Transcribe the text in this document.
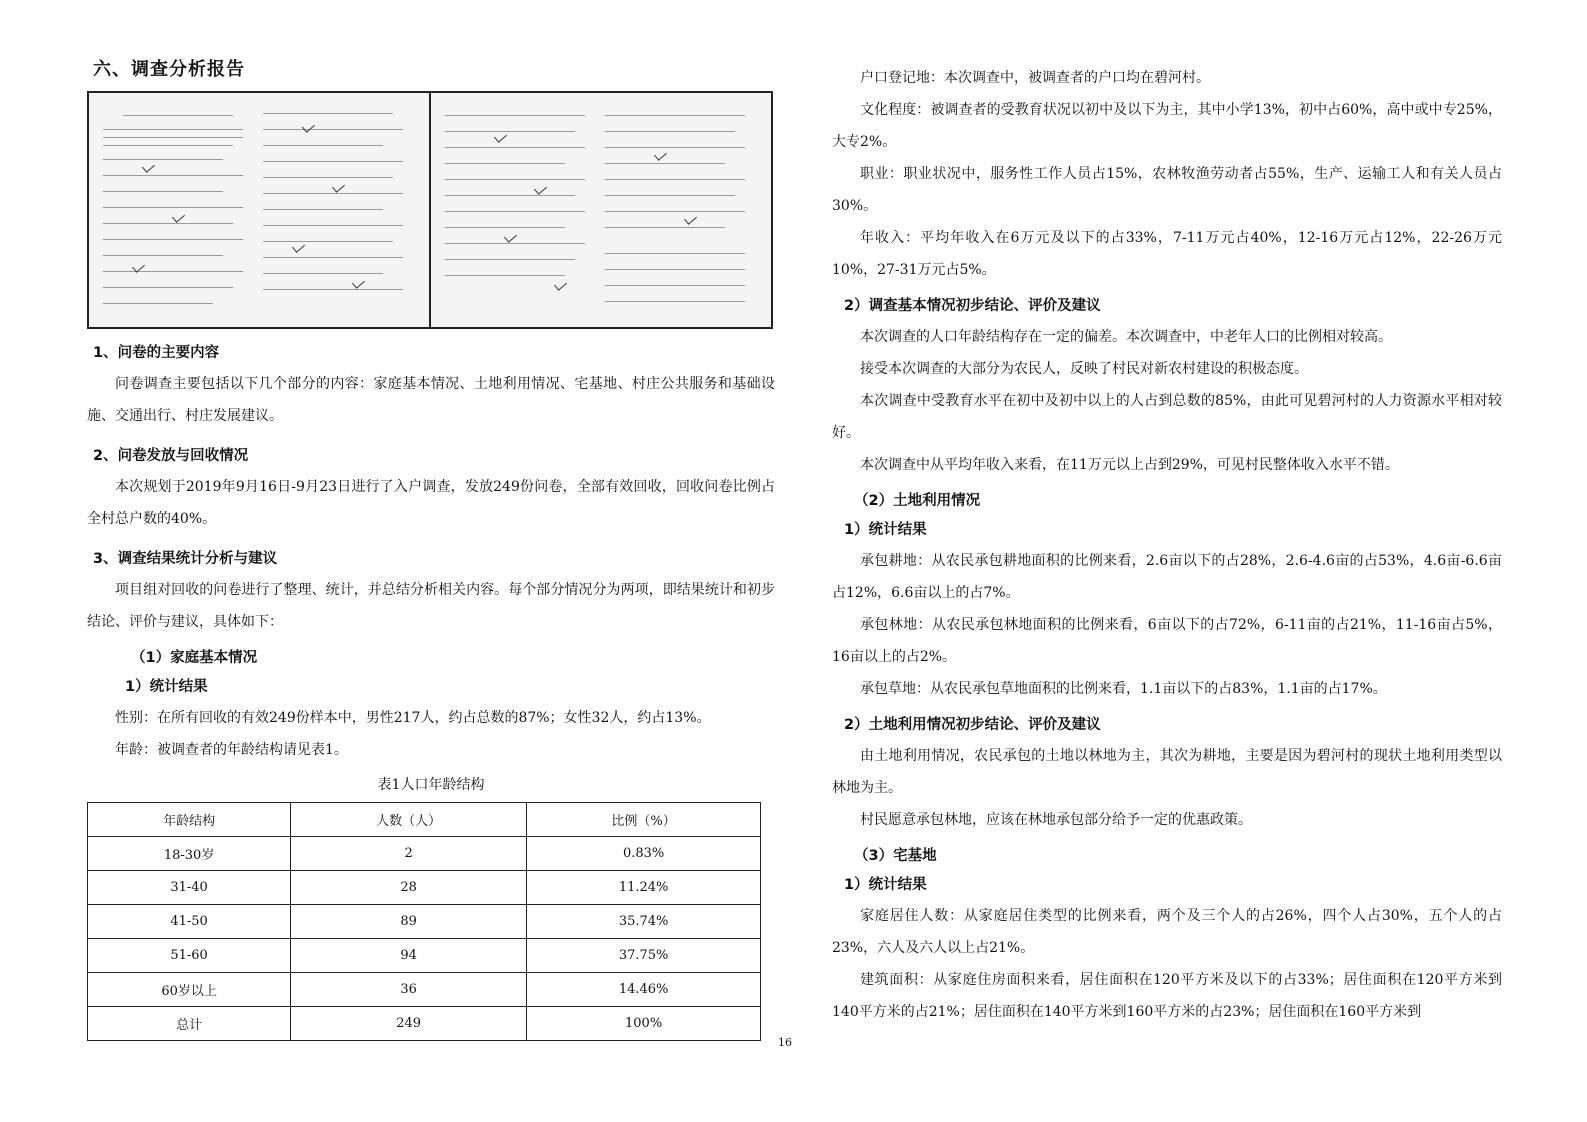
六、调查分析报告
1、问卷的主要内容

问卷调查主要包括以下几个部分的内容：家庭基本情况、土地利用情况、宅基地、村庄公共服务和基础设施、交通出行、村庄发展建议。

2、问卷发放与回收情况

本次规划于2019年9月16日-9月23日进行了入户调查，发放249份问卷，全部有效回收，回收问卷比例占全村总户数的40%。

3、调查结果统计分析与建议

项目组对回收的问卷进行了整理、统计，并总结分析相关内容。每个部分情况分为两项，即结果统计和初步结论、评价与建议，具体如下：

（1）家庭基本情况
1）统计结果

性别：在所有回收的有效249份样本中，男性217人，约占总数的87%；女性32人，约占13%。

年龄：被调查者的年龄结构请见表1。

表1人口年龄结构
年龄结构	人数（人）	比例（%）
18-30岁	2	0.83%
31-40	28	11.24%
41-50	89	35.74%
51-60	94	37.75%
60岁以上	36	14.46%
总计	249	100%

户口登记地：本次调查中，被调查者的户口均在碧河村。

文化程度：被调查者的受教育状况以初中及以下为主，其中小学13%，初中占60%，高中或中专25%，大专2%。

职业：职业状况中，服务性工作人员占15%，农林牧渔劳动者占55%，生产、运输工人和有关人员占30%。

年收入：平均年收入在6万元及以下的占33%，7-11万元占40%，12-16万元占12%，22-26万元10%，27-31万元占5%。

2）调查基本情况初步结论、评价及建议

本次调查的人口年龄结构存在一定的偏差。本次调查中，中老年人口的比例相对较高。

接受本次调查的大部分为农民人，反映了村民对新农村建设的积极态度。

本次调查中受教育水平在初中及初中以上的人占到总数的85%，由此可见碧河村的人力资源水平相对较好。

本次调查中从平均年收入来看，在11万元以上占到29%，可见村民整体收入水平不错。

（2）土地利用情况
1）统计结果

承包耕地：从农民承包耕地面积的比例来看，2.6亩以下的占28%，2.6-4.6亩的占53%，4.6亩-6.6亩占12%，6.6亩以上的占7%。

承包林地：从农民承包林地面积的比例来看，6亩以下的占72%，6-11亩的占21%，11-16亩占5%，16亩以上的占2%。

承包草地：从农民承包草地面积的比例来看，1.1亩以下的占83%，1.1亩的占17%。

2）土地利用情况初步结论、评价及建议

由土地利用情况，农民承包的土地以林地为主，其次为耕地，主要是因为碧河村的现状土地利用类型以林地为主。

村民愿意承包林地，应该在林地承包部分给予一定的优惠政策。

（3）宅基地
1）统计结果

家庭居住人数：从家庭居住类型的比例来看，两个及三个人的占26%，四个人占30%，五个人的占23%，六人及六人以上占21%。

建筑面积：从家庭住房面积来看，居住面积在120平方米及以下的占33%；居住面积在120平方米到140平方米的占21%；居住面积在140平方米到160平方米的占23%；居住面积在160平方米到

16
